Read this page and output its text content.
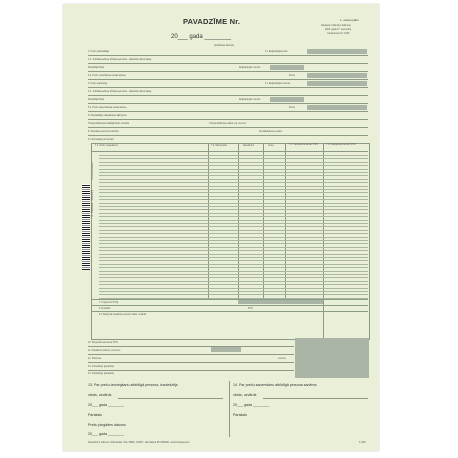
PAVADZĪME Nr.
20___ gada ________
(izdošanas datums)
1. eksemplārs
Saskaņā ar Ministru kabineta
2005. gada 27. decembra
noteikumiem Nr. 1036
1. Preču pārvadātājs	2.1 Reģistrācijas kods
2.2. Juridiskā adrese (fiziskai personai - deklarētā dzīvesvieta)
Nosūtītājs/Vieta	Reģistrācijas numurs
3.2. Preču nosūtīšanas vietas adrese	Konts
4. Preču saņēmējs	4.1 Reģistrācijas numurs
4.2. Juridiskā adrese (fiziskai personai - deklarētā dzīvesvieta)
Nosūtītājs/Vieta	Reģistrācijas numurs
5.2. Preču saņemšanas vietas adrese	Konts
6. Pārvadātājs maksāšanas šķirojums
Transportlīdzekļa vadītājs/vārds uzvārds	Transportlīdzekļa valsts reģ. numurs
8. Speciālā ieņēmumu kārtība	Kontaktadrese/e-pasts
9. Informācija par kravām
7.1. Preču nosaukums	7.2. Mērvienība	Daudzums	Cena	7.3. Vienības cena bez PVN	7.4. Kopējā summa bez PVN
Preču nosaukums
7. Kopā (bez PVN)
8. Nodoklis	PVN
9.1 Darījumā iesaistīto personu vārds, uzvārds
10. Pieņemtā summa ar PVN
11. Pavadzīmi izdevis, par preci
12. Piezīmes	summa
13. Izsniedzējs (paraksts)
13. Izsniedzējs (paraksts)
13. Par preču izsniegšanu atbildīgā persona, izsniedzējs
vārds, uzvārds
20___ gada ________
Paraksts
Preču piegādes datums
20___ gada ________
14. Par preču saņemšanu atbildīgā persona saņēma
vārds, uzvārds
20___ gada ________
Paraksts
Pavadzīmi izdevis: Aizkraukle, SIA "BMC JUMS", tālr./fakss 65 000000, www.lietojums.lv	T-325
4 750101 111111
